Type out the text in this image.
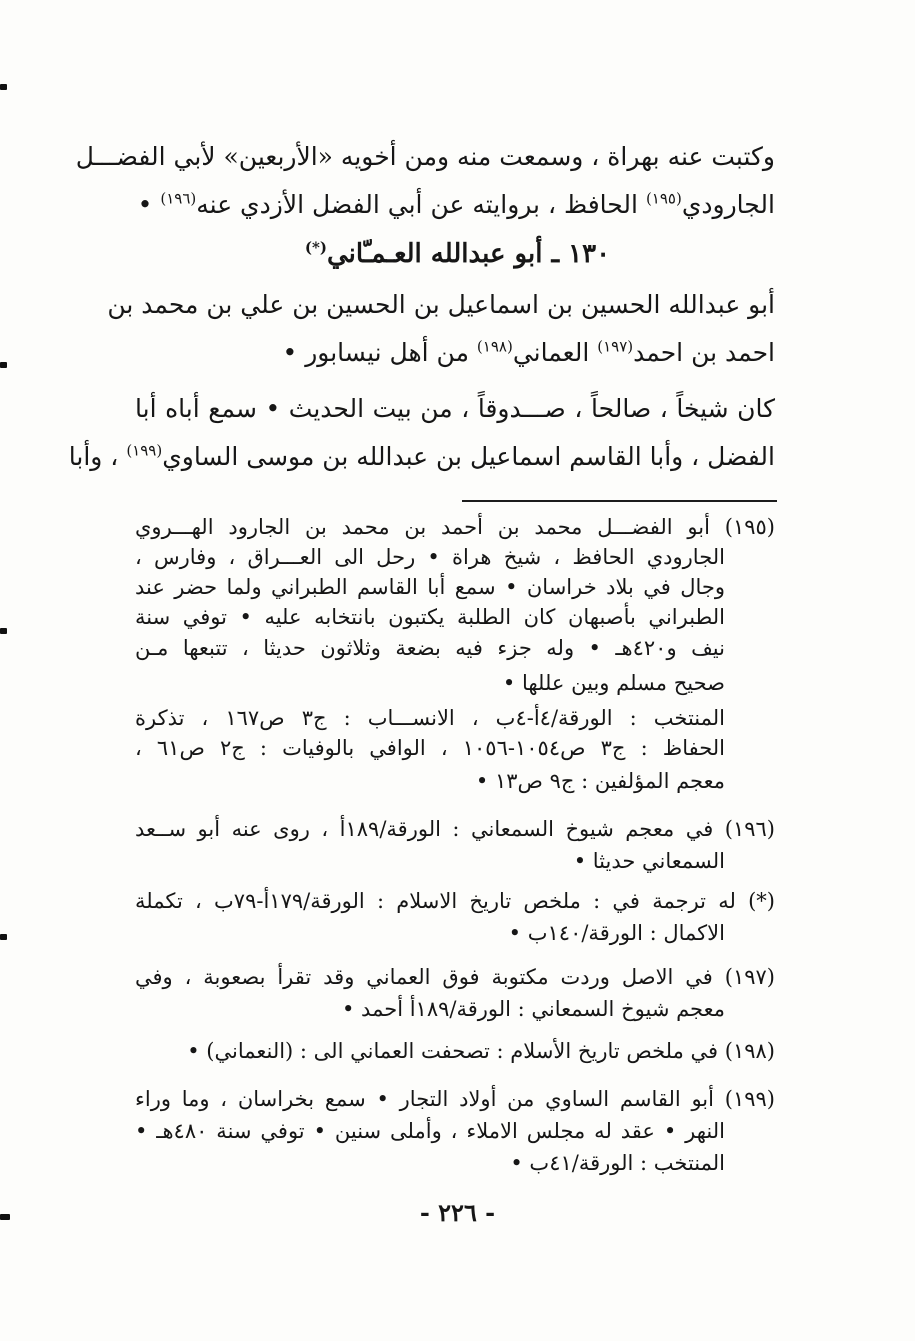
وكتبت عنه بهراة ، وسمعت منه ومن أخويه «الأربعين» لأبي الفضـــل
الجارودي$^{(١٩٥)}$ الحافظ ، بروايته عن أبي الفضل الأزدي عنه$^{(١٩٦)}$ •
١٣٠ ـ أبو عبدالله العـمـّاني(*)
أبو عبدالله الحسين بن اسماعيل بن الحسين بن علي بن محمد بن
احمد بن احمد$^{(١٩٧)}$ العماني$^{(١٩٨)}$ من أهل نيسابور •
كان شيخاً ، صالحاً ، صـــدوقاً ، من بيت الحديث • سمع أباه أبا
الفضل ، وأبا القاسم اسماعيل بن عبدالله بن موسى الساوي$^{(١٩٩)}$ ، وأبا
(١٩٥) أبو الفضـــل محمد بن أحمد بن محمد بن الجارود الهـــروي
الجارودي الحافظ ، شيخ هراة • رحل الى العـــراق ، وفارس ،
وجال في بلاد خراسان • سمع أبا القاسم الطبراني ولما حضر عند
الطبراني بأصبهان كان الطلبة يكتبون بانتخابه عليه • توفي سنة
نيف و٤٢٠هـ • وله جزء فيه بضعة وثلاثون حديثا ، تتبعها مـن
صحيح مسلم وبين عللها •
المنتخب : الورقة/٤أ-٤ب ، الانســـاب : ج٣ ص١٦٧ ، تذكرة
الحفاظ : ج٣ ص١٠٥٤-١٠٥٦ ، الوافي بالوفيات : ج٢ ص٦١ ،
معجم المؤلفين : ج٩ ص١٣ •
(١٩٦) في معجم شيوخ السمعاني : الورقة/١٨٩أ ، روى عنه أبو ســعد
السمعاني حديثا •
(*) له ترجمة في : ملخص تاريخ الاسلام : الورقة/١٧٩أ-٧٩ب ، تكملة
الاكمال : الورقة/١٤٠ب •
(١٩٧) في الاصل وردت مكتوبة فوق العماني وقد تقرأ بصعوبة ، وفي
معجم شيوخ السمعاني : الورقة/١٨٩أ أحمد •
(١٩٨) في ملخص تاريخ الأسلام : تصحفت العماني الى : (النعماني) •
(١٩٩) أبو القاسم الساوي من أولاد التجار • سمع بخراسان ، وما وراء
النهر • عقد له مجلس الاملاء ، وأملى سنين • توفي سنة ٤٨٠هـ •
المنتخب : الورقة/٤١ب •
- ٢٢٦ -
